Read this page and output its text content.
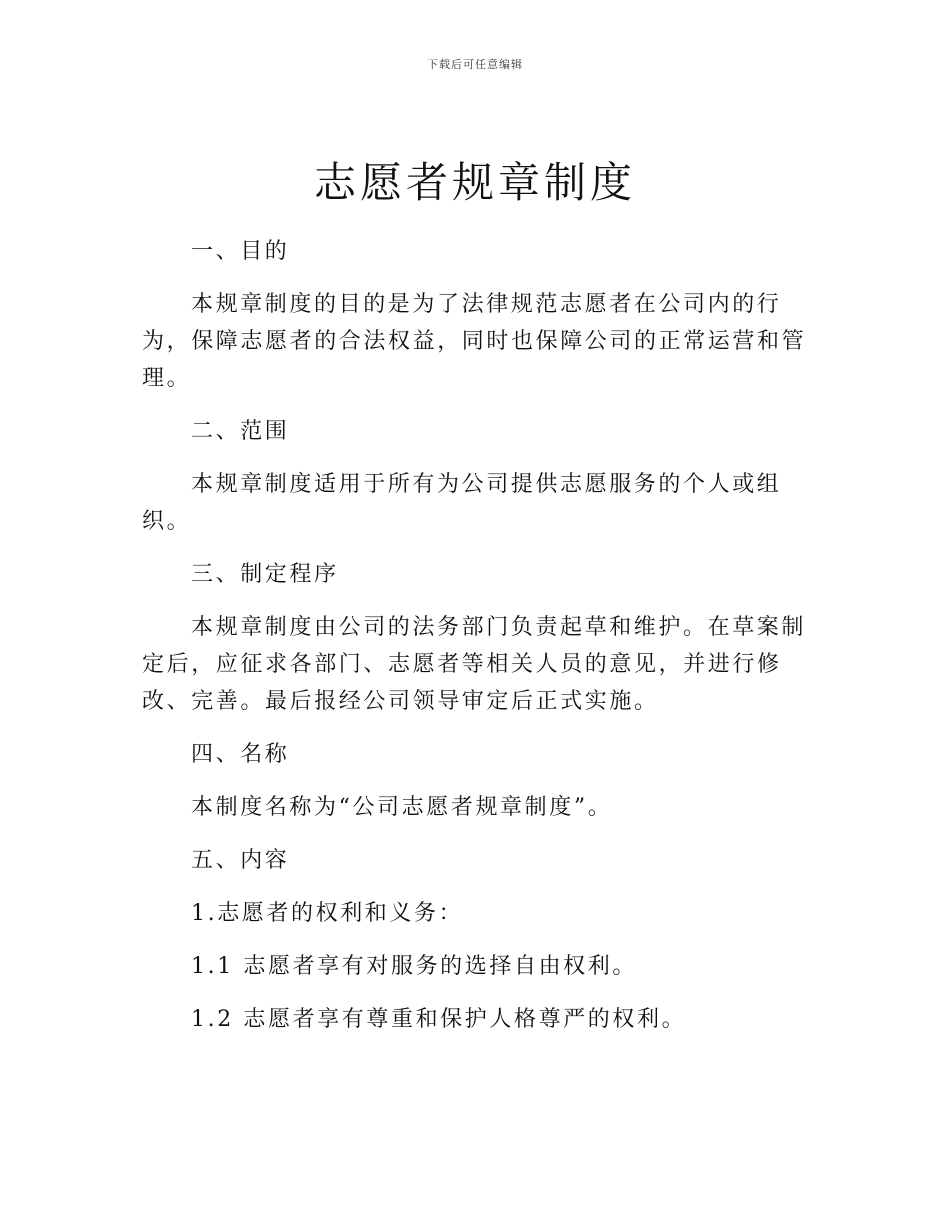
下载后可任意编辑
志愿者规章制度
一、目的
本规章制度的目的是为了法律规范志愿者在公司内的行
为，保障志愿者的合法权益，同时也保障公司的正常运营和管
理。
二、范围
本规章制度适用于所有为公司提供志愿服务的个人或组
织。
三、制定程序
本规章制度由公司的法务部门负责起草和维护。在草案制
定后，应征求各部门、志愿者等相关人员的意见，并进行修
改、完善。最后报经公司领导审定后正式实施。
四、名称
本制度名称为“公司志愿者规章制度”。
五、内容
1.志愿者的权利和义务：
1.1 志愿者享有对服务的选择自由权利。
1.2 志愿者享有尊重和保护人格尊严的权利。
